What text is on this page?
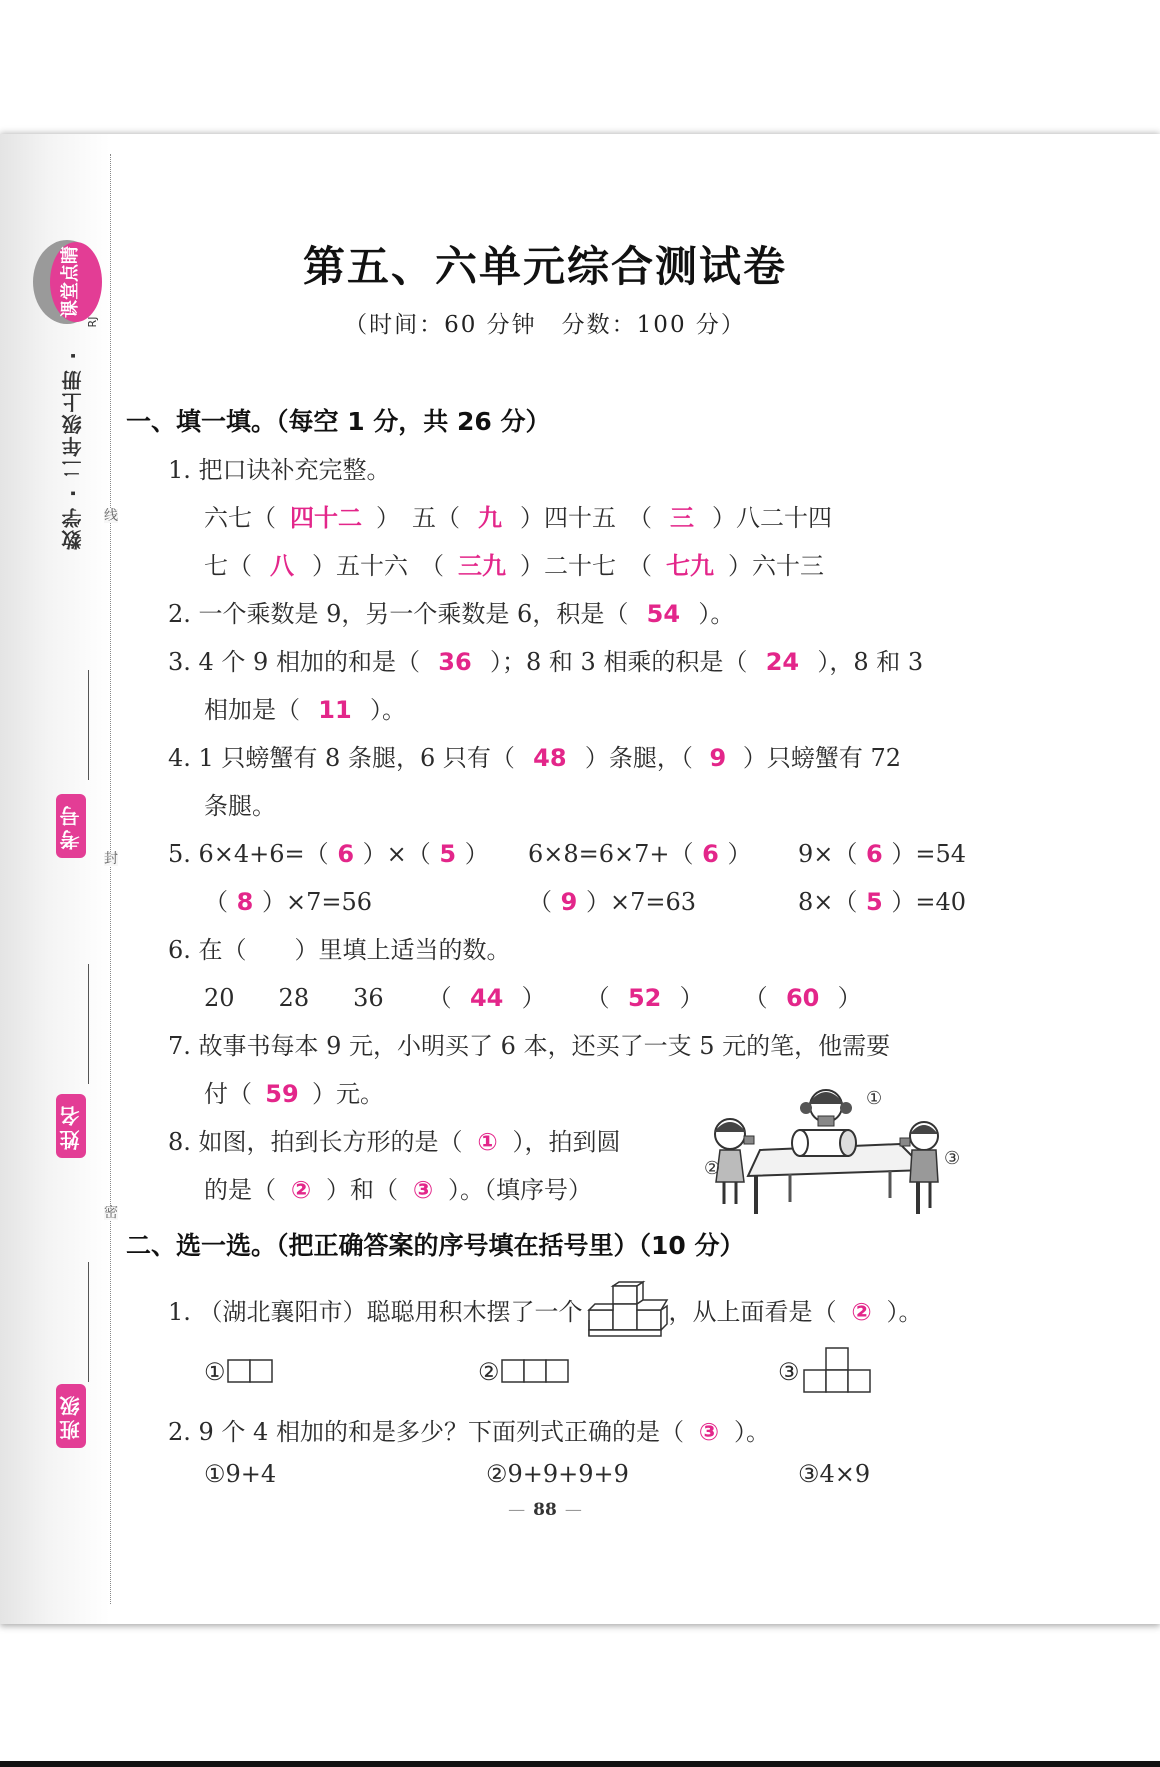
线
封
密
课堂点睛
RJ
数学 · 二年级上册 ·
考号
姓名
班级
第五、六单元综合测试卷
（时间：60 分钟　分数：100 分）
一、填一填。（每空 1 分，共 26 分）
1. 把口诀补充完整。
六七（ 四十二 ）　五（ 九 ）四十五　（ 三 ）八二十四
七（ 八 ）五十六　（ 三九 ）二十七　（ 七九 ）六十三
2. 一个乘数是 9，另一个乘数是 6，积是（ 54 ）。
3. 4 个 9 相加的和是（ 36 ）；8 和 3 相乘的积是（ 24 ），8 和 3
相加是（ 11 ）。
4. 1 只螃蟹有 8 条腿，6 只有（ 48 ）条腿，（ 9 ）只螃蟹有 72
条腿。
5. 6×4+6=（ 6 ）×（ 5 ） 6×8=6×7+（ 6 ） 9×（ 6 ）=54
（ 8 ）×7=56	（ 9 ）×7=63	8×（ 5 ）=40
6. 在（　　）里填上适当的数。
20 28 36 （ 44 ） （ 52 ） （ 60 ）
7. 故事书每本 9 元，小明买了 6 本，还买了一支 5 元的笔，他需要
付（ 59 ）元。
8. 如图，拍到长方形的是（ ① ），拍到圆
的是（ ② ）和（ ③ ）。（填序号）
①
②	③
二、选一选。（把正确答案的序号填在括号里）（10 分）
1. （湖北襄阳市）聪聪用积木摆了一个	，从上面看是（ ② ）。
①	②	③
2. 9 个 4 相加的和是多少？下面列式正确的是（ ③ ）。
①9+4	②9+9+9+9	③4×9
— 88 —
